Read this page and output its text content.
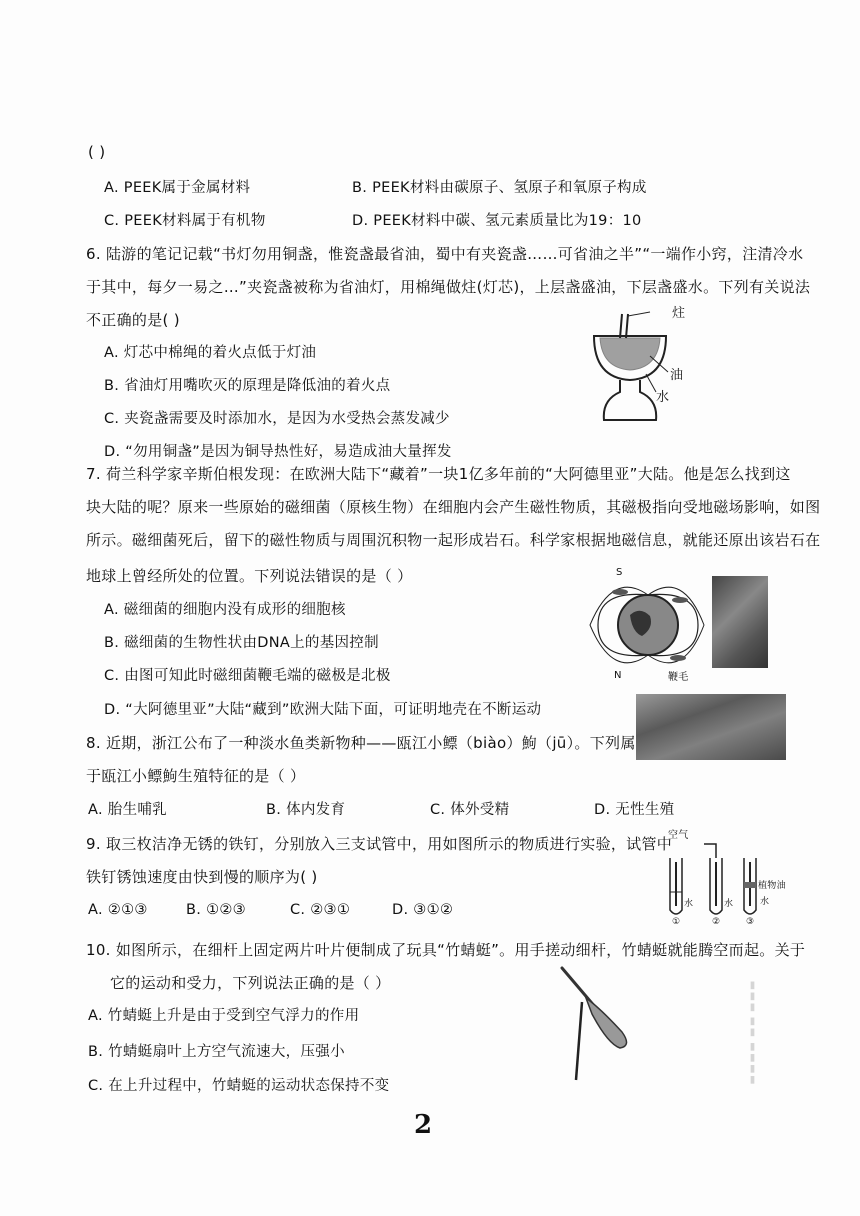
( )
A. PEEK属于金属材料	B. PEEK材料由碳原子、氢原子和氧原子构成
C. PEEK材料属于有机物	D. PEEK材料中碳、氢元素质量比为19：10
6. 陆游的笔记记载“书灯勿用铜盏，惟瓷盏最省油，蜀中有夹瓷盏……可省油之半”“一端作小窍，注清冷水
于其中，每夕一易之…”夹瓷盏被称为省油灯，用棉绳做炷(灯芯)，上层盏盛油，下层盏盛水。下列有关说法
不正确的是( )
A. 灯芯中棉绳的着火点低于灯油
B. 省油灯用嘴吹灭的原理是降低油的着火点
C. 夹瓷盏需要及时添加水，是因为水受热会蒸发减少
D. “勿用铜盏”是因为铜导热性好，易造成油大量挥发
炷
油
水
7. 荷兰科学家辛斯伯根发现：在欧洲大陆下“藏着”一块1亿多年前的“大阿德里亚”大陆。他是怎么找到这
块大陆的呢？原来一些原始的磁细菌（原核生物）在细胞内会产生磁性物质，其磁极指向受地磁场影响，如图
所示。磁细菌死后，留下的磁性物质与周围沉积物一起形成岩石。科学家根据地磁信息，就能还原出该岩石在
地球上曾经所处的位置。下列说法错误的是（ ）
A. 磁细菌的细胞内没有成形的细胞核
B. 磁细菌的生物性状由DNA上的基因控制
C. 由图可知此时磁细菌鞭毛端的磁极是北极
D. “大阿德里亚”大陆“藏到”欧洲大陆下面，可证明地壳在不断运动
S
N	鞭毛
8. 近期，浙江公布了一种淡水鱼类新物种——瓯江小鳔（biào）鮈（jū）。下列属
于瓯江小鳔鮈生殖特征的是（ ）
A. 胎生哺乳	B. 体内发育	C. 体外受精	D. 无性生殖
9. 取三枚洁净无锈的铁钉，分别放入三支试管中，用如图所示的物质进行实验，试管中
铁钉锈蚀速度由快到慢的顺序为( )
A. ②①③	B. ①②③	C. ②③①	D. ③①②
空气
植物油
水	水	水
①	②	③
10. 如图所示，在细杆上固定两片叶片便制成了玩具“竹蜻蜓”。用手搓动细杆，竹蜻蜓就能腾空而起。关于
它的运动和受力，下列说法正确的是（ ）
A. 竹蜻蜓上升是由于受到空气浮力的作用
B. 竹蜻蜓扇叶上方空气流速大，压强小
C. 在上升过程中，竹蜻蜓的运动状态保持不变
▮▮▮ ▮▮ ▮▮▮▮
2
